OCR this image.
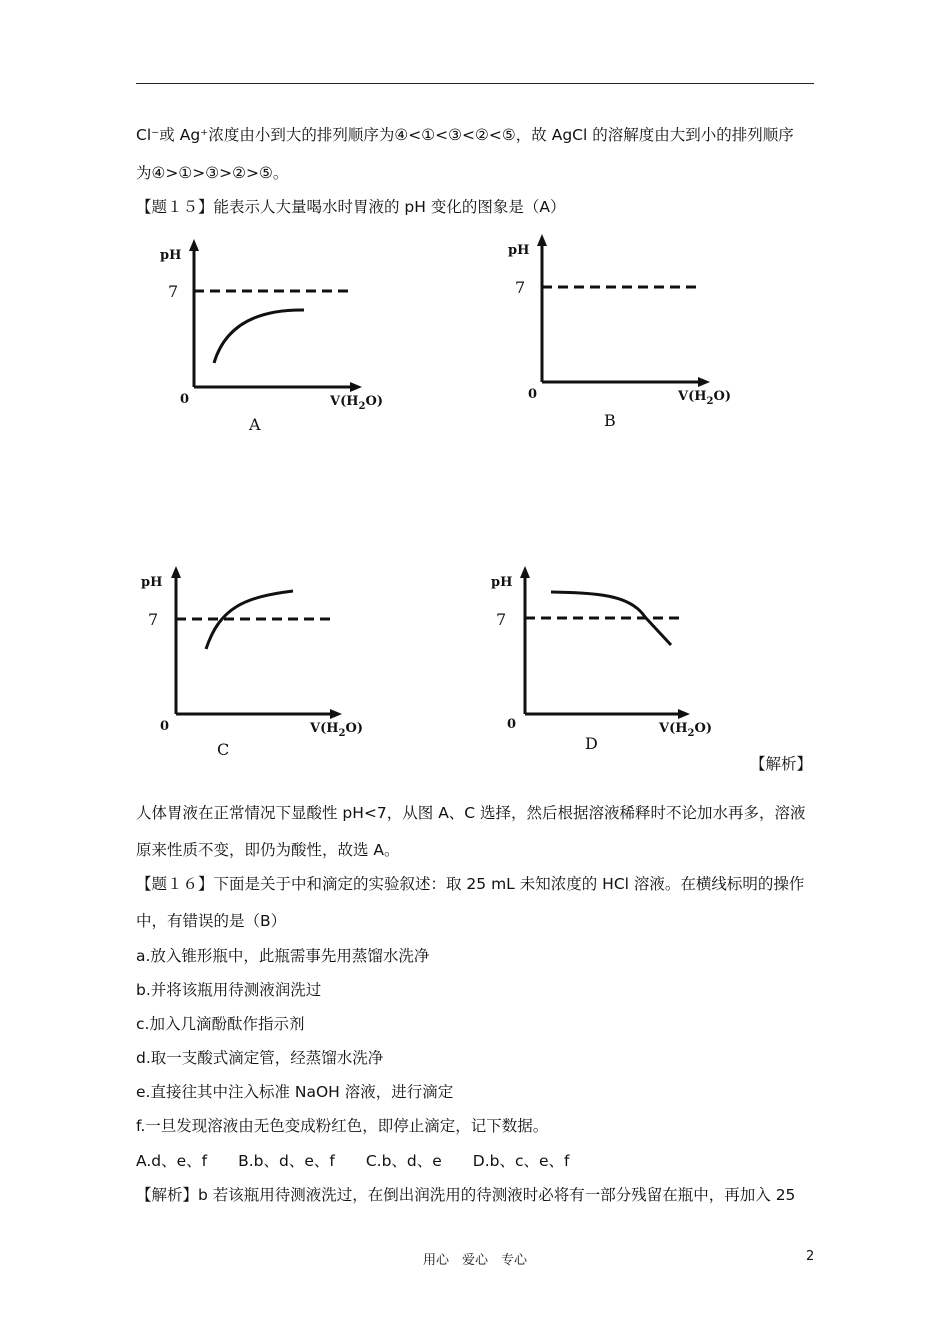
Cl⁻或 Ag⁺浓度由小到大的排列顺序为④<①<③<②<⑤，故 AgCl 的溶解度由大到小的排列顺序
为④>①>③>②>⑤。
【题１５】能表示人大量喝水时胃液的 pH 变化的图象是（A）
pH
7
0	$V(H_2O)$
A
pH
7
0	$V(H_2O)$
B
pH
7
0	$V(H_2O)$
C
pH
7
0	$V(H_2O)$
D
【解析】
人体胃液在正常情况下显酸性 pH<7，从图 A、C 选择，然后根据溶液稀释时不论加水再多，溶液
原来性质不变，即仍为酸性，故选 A。
【题１６】下面是关于中和滴定的实验叙述：取 25 mL 未知浓度的 HCl 溶液。在横线标明的操作
中，有错误的是（B）
a.放入锥形瓶中，此瓶需事先用蒸馏水洗净
b.并将该瓶用待测液润洗过
c.加入几滴酚酞作指示剂
d.取一支酸式滴定管，经蒸馏水洗净
e.直接往其中注入标准 NaOH 溶液，进行滴定
f.一旦发现溶液由无色变成粉红色，即停止滴定，记下数据。
A.d、e、f　　B.b、d、e、f　　C.b、d、e　　D.b、c、e、f
【解析】b 若该瓶用待测液洗过，在倒出润洗用的待测液时必将有一部分残留在瓶中，再加入 25
用心　爱心　专心	2
